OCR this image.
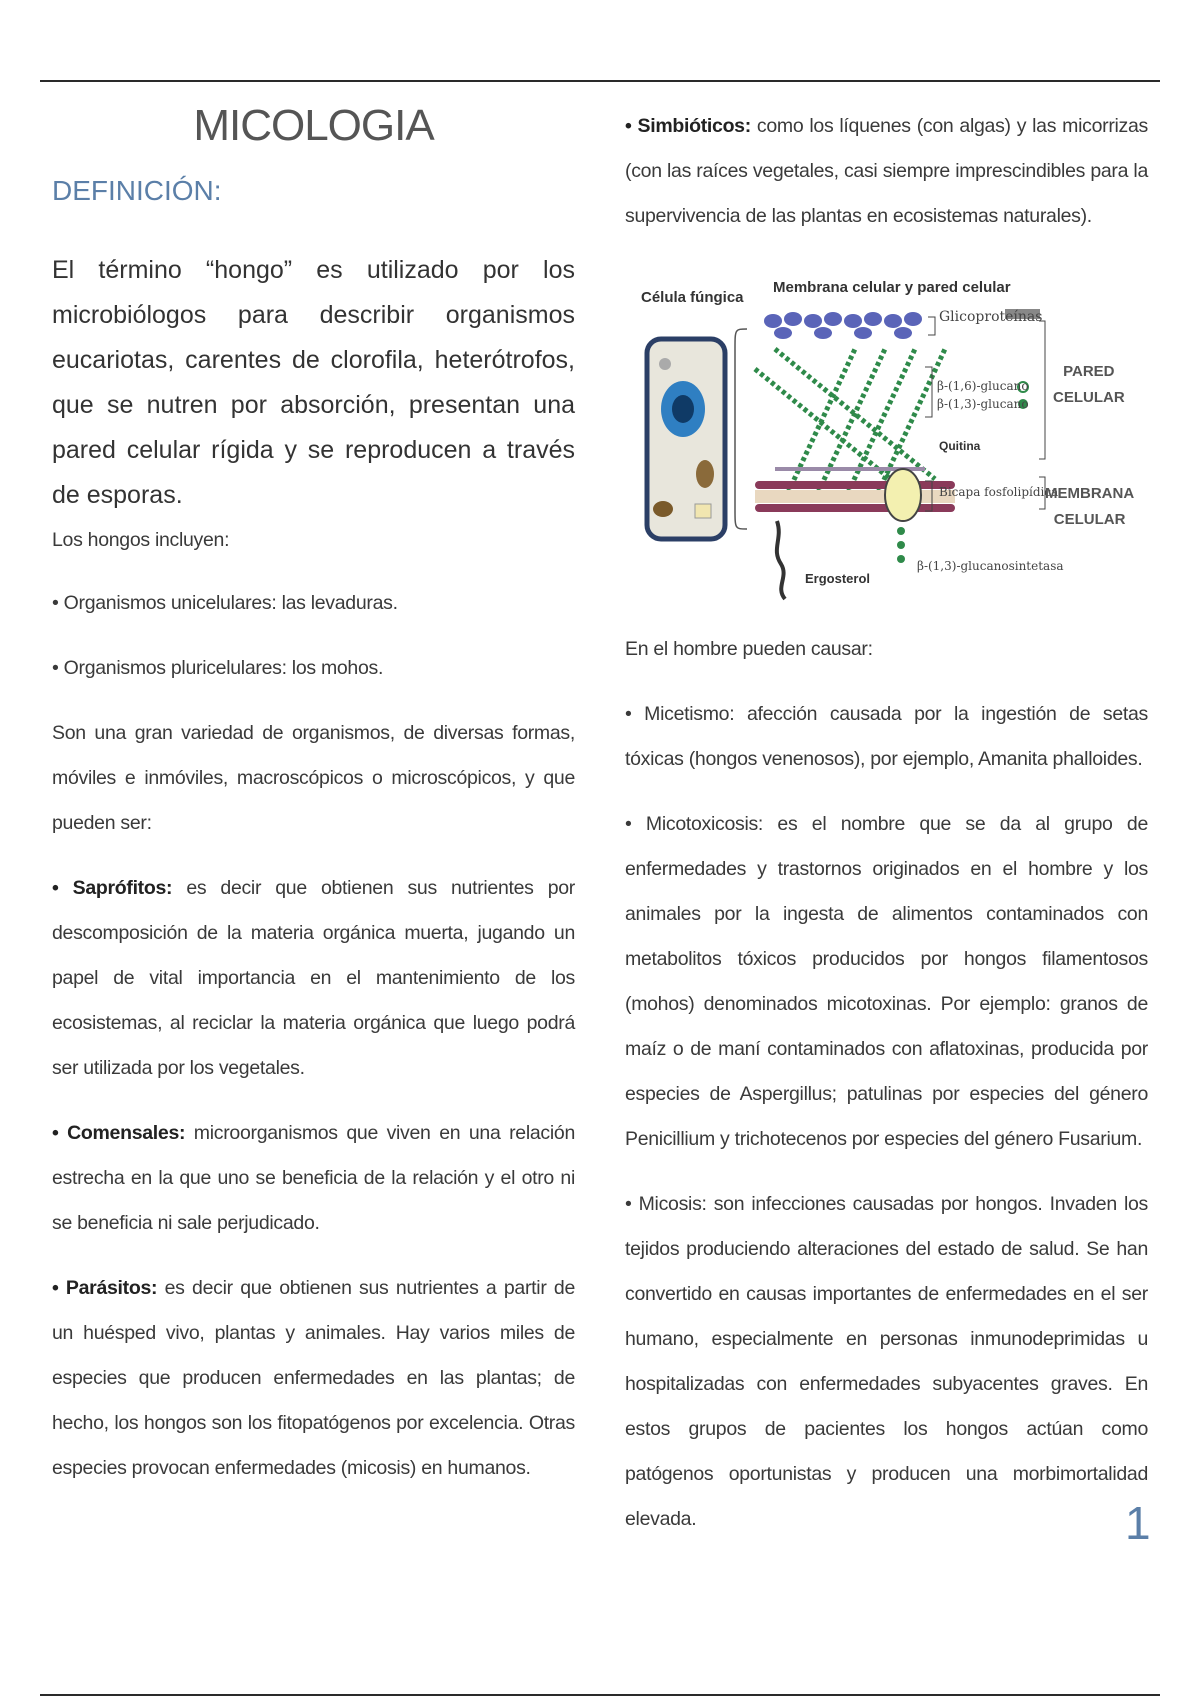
MICOLOGIA
DEFINICIÓN:
El término “hongo” es utilizado por los microbiólogos para describir organismos eucariotas, carentes de clorofila, heterótrofos, que se nutren por absorción, presentan una pared celular rígida y se reproducen a través de esporas.

Los hongos incluyen:

• Organismos unicelulares: las levaduras.

• Organismos pluricelulares: los mohos.

Son una gran variedad de organismos, de diversas formas, móviles e inmóviles, macroscópicos o microscópicos, y que pueden ser:

• Saprófitos: es decir que obtienen sus nutrientes por descomposición de la materia orgánica muerta, jugando un papel de vital importancia en el mantenimiento de los ecosistemas, al reciclar la materia orgánica que luego podrá ser utilizada por los vegetales.

• Comensales: microorganismos que viven en una relación estrecha en la que uno se beneficia de la relación y el otro ni se beneficia ni sale perjudicado.

• Parásitos: es decir que obtienen sus nutrientes a partir de un huésped vivo, plantas y animales. Hay varios miles de especies que producen enfermedades en las plantas; de hecho, los hongos son los fitopatógenos por excelencia. Otras especies provocan enfermedades (micosis) en humanos.

• Simbióticos: como los líquenes (con algas) y las micorrizas (con las raíces vegetales, casi siempre imprescindibles para la supervivencia de las plantas en ecosistemas naturales).

Célula fúngica
Membrana celular y pared celular
Glicoproteínas
β-(1,6)-glucano
β-(1,3)-glucano
Quitina
Bicapa fosfolipídica
Ergosterol
β-(1,3)-glucanosintetasa
PARED
CELULAR
MEMBRANA
CELULAR

En el hombre pueden causar:

• Micetismo: afección causada por la ingestión de setas tóxicas (hongos venenosos), por ejemplo, Amanita phalloides.

• Micotoxicosis: es el nombre que se da al grupo de enfermedades y trastornos originados en el hombre y los animales por la ingesta de alimentos contaminados con metabolitos tóxicos producidos por hongos filamentosos (mohos) denominados micotoxinas. Por ejemplo: granos de maíz o de maní contaminados con aflatoxinas, producida por especies de Aspergillus; patulinas por especies del género Penicillium y trichotecenos por especies del género Fusarium.

• Micosis: son infecciones causadas por hongos. Invaden los tejidos produciendo alteraciones del estado de salud. Se han convertido en causas importantes de enfermedades en el ser humano, especialmente en personas inmunodeprimidas u hospitalizadas con enfermedades subyacentes graves. En estos grupos de pacientes los hongos actúan como patógenos oportunistas y producen una morbimortalidad elevada.	1
